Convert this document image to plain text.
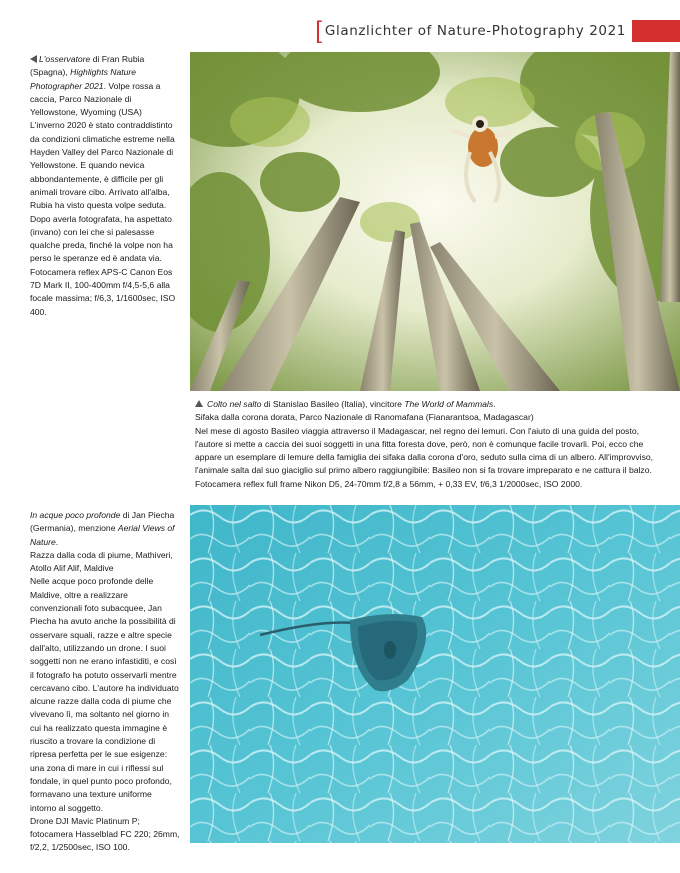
[ Glanzlichter of Nature-Photography 2021

L'osservatore di Fran Rubia (Spagna), Highlights Nature Photographer 2021. Volpe rossa a caccia, Parco Nazionale di Yellowstone, Wyoming (USA)

L'inverno 2020 è stato contraddistinto da condizioni climatiche estreme nella Hayden Valley del Parco Nazionale di Yellowstone. E quando nevica abbondantemente, è difficile per gli animali trovare cibo. Arrivato all'alba, Rubia ha visto questa volpe seduta. Dopo averla fotografata, ha aspettato (invano) con lei che si palesasse qualche preda, finché la volpe non ha perso le speranze ed è andata via.

Fotocamera reflex APS-C Canon Eos 7D Mark II, 100-400mm f/4,5-5,6 alla focale massima; f/6,3, 1/1600sec, ISO 400.

Colto nel salto di Stanislao Basileo (Italia), vincitore The World of Mammals.

Sifaka dalla corona dorata, Parco Nazionale di Ranomafana (Fianarantsoa, Madagascar)

Nel mese di agosto Basileo viaggia attraverso il Madagascar, nel regno dei lemuri. Con l'aiuto di una guida del posto, l'autore si mette a caccia dei suoi soggetti in una fitta foresta dove, però, non è comunque facile trovarli. Poi, ecco che appare un esemplare di lemure della famiglia dei sifaka dalla corona d'oro, seduto sulla cima di un albero. All'improvviso, l'animale salta dal suo giaciglio sul primo albero raggiungibile: Basileo non si fa trovare impreparato e ne cattura il balzo.

Fotocamera reflex full frame Nikon D5, 24-70mm f/2,8 a 56mm, + 0,33 EV, f/6,3 1/2000sec, ISO 2000.

In acque poco profonde di Jan Piecha (Germania), menzione Aerial Views of Nature.

Razza dalla coda di piume, Mathiveri, Atollo Alif Alif, Maldive

Nelle acque poco profonde delle Maldive, oltre a realizzare convenzionali foto subacquee, Jan Piecha ha avuto anche la possibilità di osservare squali, razze e altre specie dall'alto, utilizzando un drone. I suoi soggetti non ne erano infastiditi, e così il fotografo ha potuto osservarli mentre cercavano cibo. L'autore ha individuato alcune razze dalla coda di piume che vivevano lì, ma soltanto nel giorno in cui ha realizzato questa immagine è riuscito a trovare la condizione di ripresa perfetta per le sue esigenze: una zona di mare in cui i riflessi sul fondale, in quel punto poco profondo, formavano una texture uniforme intorno al soggetto.

Drone DJI Mavic Platinum P; fotocamera Hasselblad FC 220; 26mm, f/2,2, 1/2500sec, ISO 100.
